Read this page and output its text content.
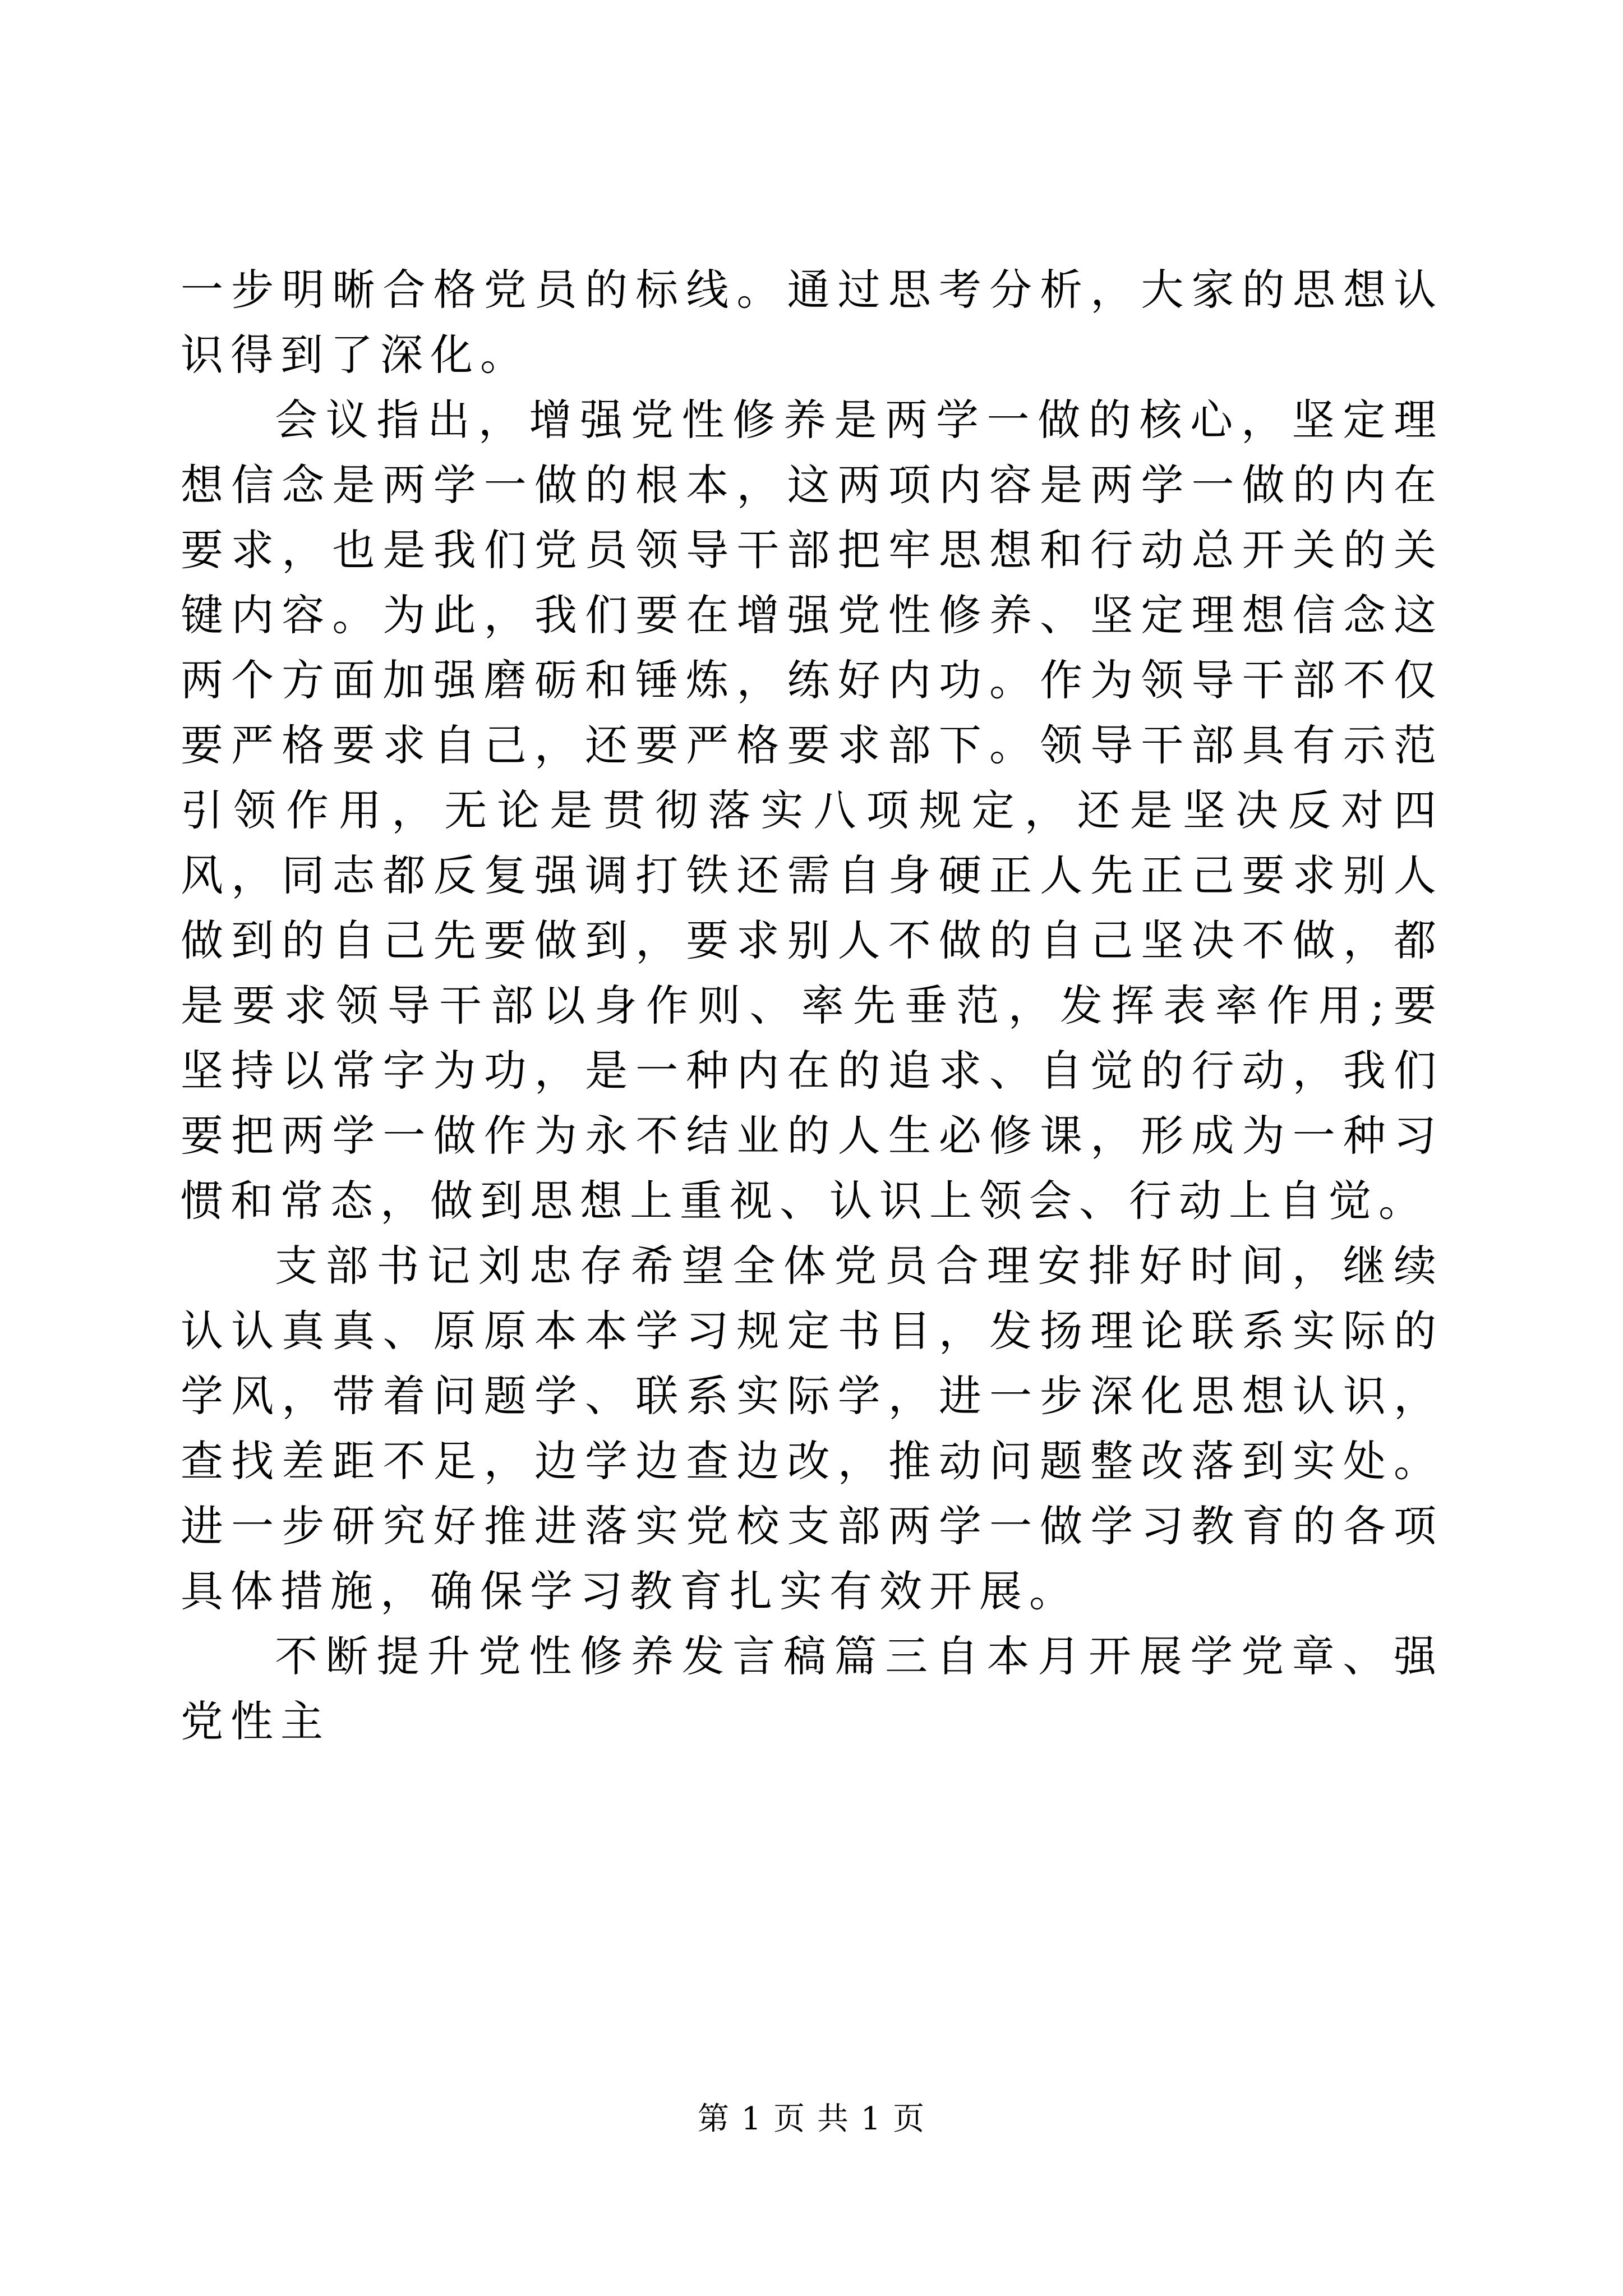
一步明晰合格党员的标线。通过思考分析，大家的思想认识得到了深化。

会议指出，增强党性修养是两学一做的核心，坚定理想信念是两学一做的根本，这两项内容是两学一做的内在要求，也是我们党员领导干部把牢思想和行动总开关的关键内容。为此，我们要在增强党性修养、坚定理想信念这两个方面加强磨砺和锤炼，练好内功。作为领导干部不仅要严格要求自己，还要严格要求部下。领导干部具有示范引领作用，无论是贯彻落实八项规定，还是坚决反对四风，同志都反复强调打铁还需自身硬正人先正己要求别人做到的自己先要做到，要求别人不做的自己坚决不做，都是要求领导干部以身作则、率先垂范，发挥表率作用;要坚持以常字为功，是一种内在的追求、自觉的行动，我们要把两学一做作为永不结业的人生必修课，形成为一种习惯和常态，做到思想上重视、认识上领会、行动上自觉。

支部书记刘忠存希望全体党员合理安排好时间，继续认认真真、原原本本学习规定书目，发扬理论联系实际的学风，带着问题学、联系实际学，进一步深化思想认识，查找差距不足，边学边查边改，推动问题整改落到实处。进一步研究好推进落实党校支部两学一做学习教育的各项具体措施，确保学习教育扎实有效开展。

不断提升党性修养发言稿篇三自本月开展学党章、强党性主

第 1 页 共 1 页
